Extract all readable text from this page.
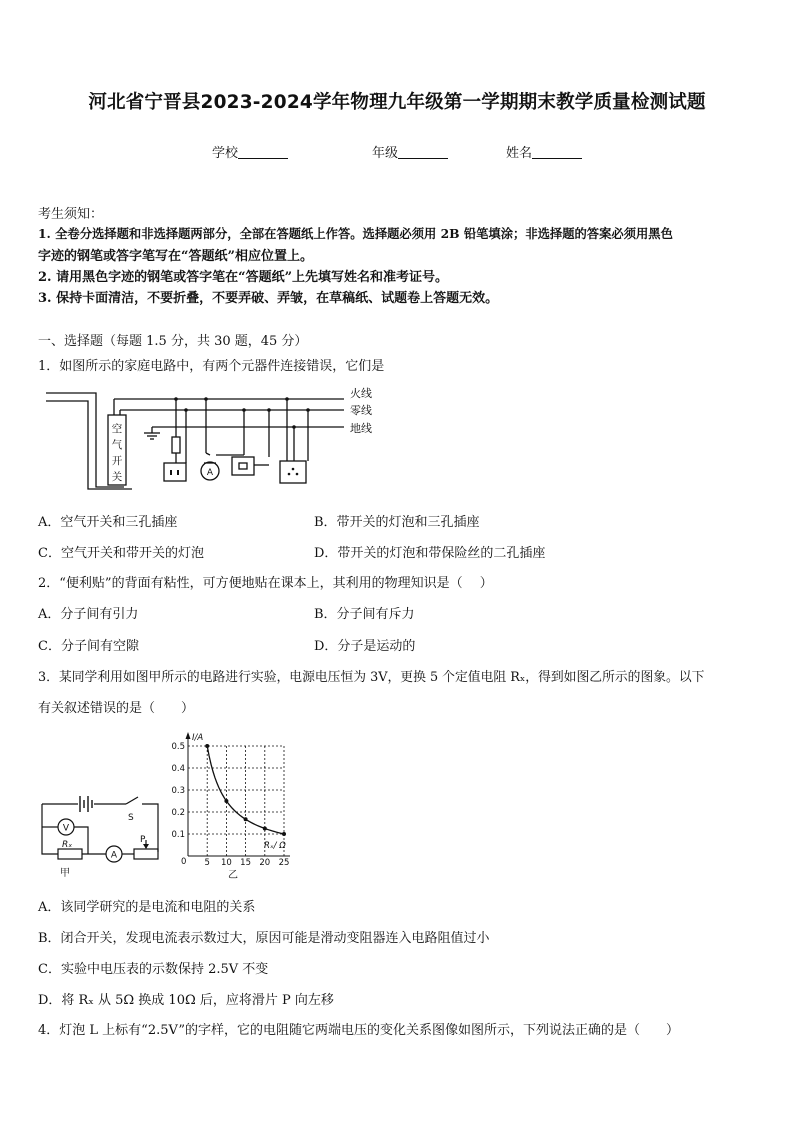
河北省宁晋县2023-2024学年物理九年级第一学期期末教学质量检测试题
学校	年级	姓名
考生须知：
1. 全卷分选择题和非选择题两部分，全部在答题纸上作答。选择题必须用 2B 铅笔填涂；非选择题的答案必须用黑色
字迹的钢笔或答字笔写在“答题纸”相应位置上。
2. 请用黑色字迹的钢笔或答字笔在“答题纸”上先填写姓名和准考证号。
3. 保持卡面清洁，不要折叠，不要弄破、弄皱，在草稿纸、试题卷上答题无效。
一、选择题（每题 1.5 分，共 30 题，45 分）
1．如图所示的家庭电路中，有两个元器件连接错误，它们是
A
火线
零线
地线
空
气
开
关
A．空气开关和三孔插座	B．带开关的灯泡和三孔插座
C．空气开关和带开关的灯泡	D．带开关的灯泡和带保险丝的二孔插座
2．“便利贴”的背面有粘性，可方便地贴在课本上，其利用的物理知识是（　 ）
A．分子间有引力	B．分子间有斥力
C．分子间有空隙	D．分子是运动的
3．某同学利用如图甲所示的电路进行实验，电源电压恒为 3V，更换 5 个定值电阻 Rₓ，得到如图乙所示的图象。以下
有关叙述错误的是（　　）
S
V
A
P
Rₓ
甲
5 10 15 20 25
0.1
0.2
0.3
0.4
0.5
I/A
Rₓ/ Ω
0
乙
A．该同学研究的是电流和电阻的关系
B．闭合开关，发现电流表示数过大，原因可能是滑动变阻器连入电路阻值过小
C．实验中电压表的示数保持 2.5V 不变
D．将 Rₓ 从 5Ω 换成 10Ω 后，应将滑片 P 向左移
4．灯泡 L 上标有“2.5V”的字样，它的电阻随它两端电压的变化关系图像如图所示，下列说法正确的是（　　）
